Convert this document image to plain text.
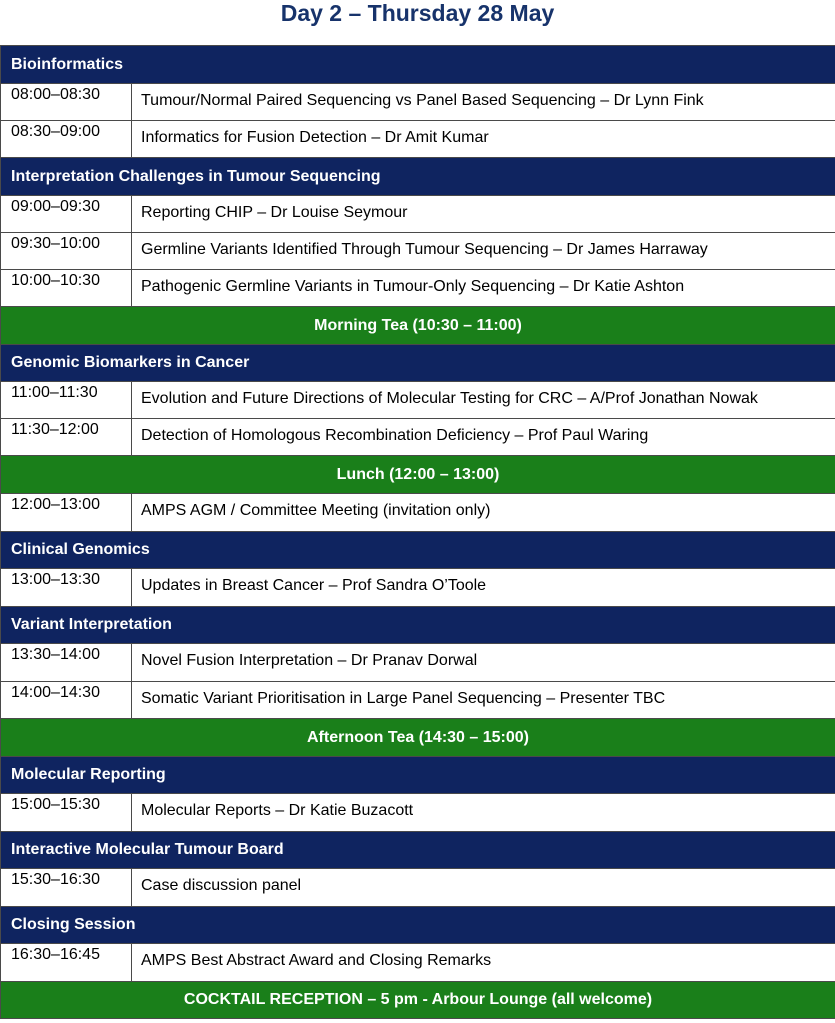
Day 2 – Thursday 28 May
Bioinformatics	
08:00–08:30	Tumour/Normal Paired Sequencing vs Panel Based Sequencing – Dr Lynn Fink
08:30–09:00	Informatics for Fusion Detection – Dr Amit Kumar
Interpretation Challenges in Tumour Sequencing	
09:00–09:30	Reporting CHIP – Dr Louise Seymour
09:30–10:00	Germline Variants Identified Through Tumour Sequencing – Dr James Harraway
10:00–10:30	Pathogenic Germline Variants in Tumour-Only Sequencing – Dr Katie Ashton
Morning Tea (10:30 – 11:00)	
Genomic Biomarkers in Cancer	
11:00–11:30	Evolution and Future Directions of Molecular Testing for CRC – A/Prof Jonathan Nowak
11:30–12:00	Detection of Homologous Recombination Deficiency – Prof Paul Waring
Lunch (12:00 – 13:00)	
12:00–13:00	AMPS AGM / Committee Meeting (invitation only)
Clinical Genomics	
13:00–13:30	Updates in Breast Cancer – Prof Sandra O’Toole
Variant Interpretation	
13:30–14:00	Novel Fusion Interpretation – Dr Pranav Dorwal
14:00–14:30	Somatic Variant Prioritisation in Large Panel Sequencing – Presenter TBC
Afternoon Tea (14:30 – 15:00)	
Molecular Reporting	
15:00–15:30	Molecular Reports – Dr Katie Buzacott
Interactive Molecular Tumour Board	
15:30–16:30	Case discussion panel
Closing Session	
16:30–16:45	AMPS Best Abstract Award and Closing Remarks
COCKTAIL RECEPTION – 5 pm - Arbour Lounge (all welcome)	
